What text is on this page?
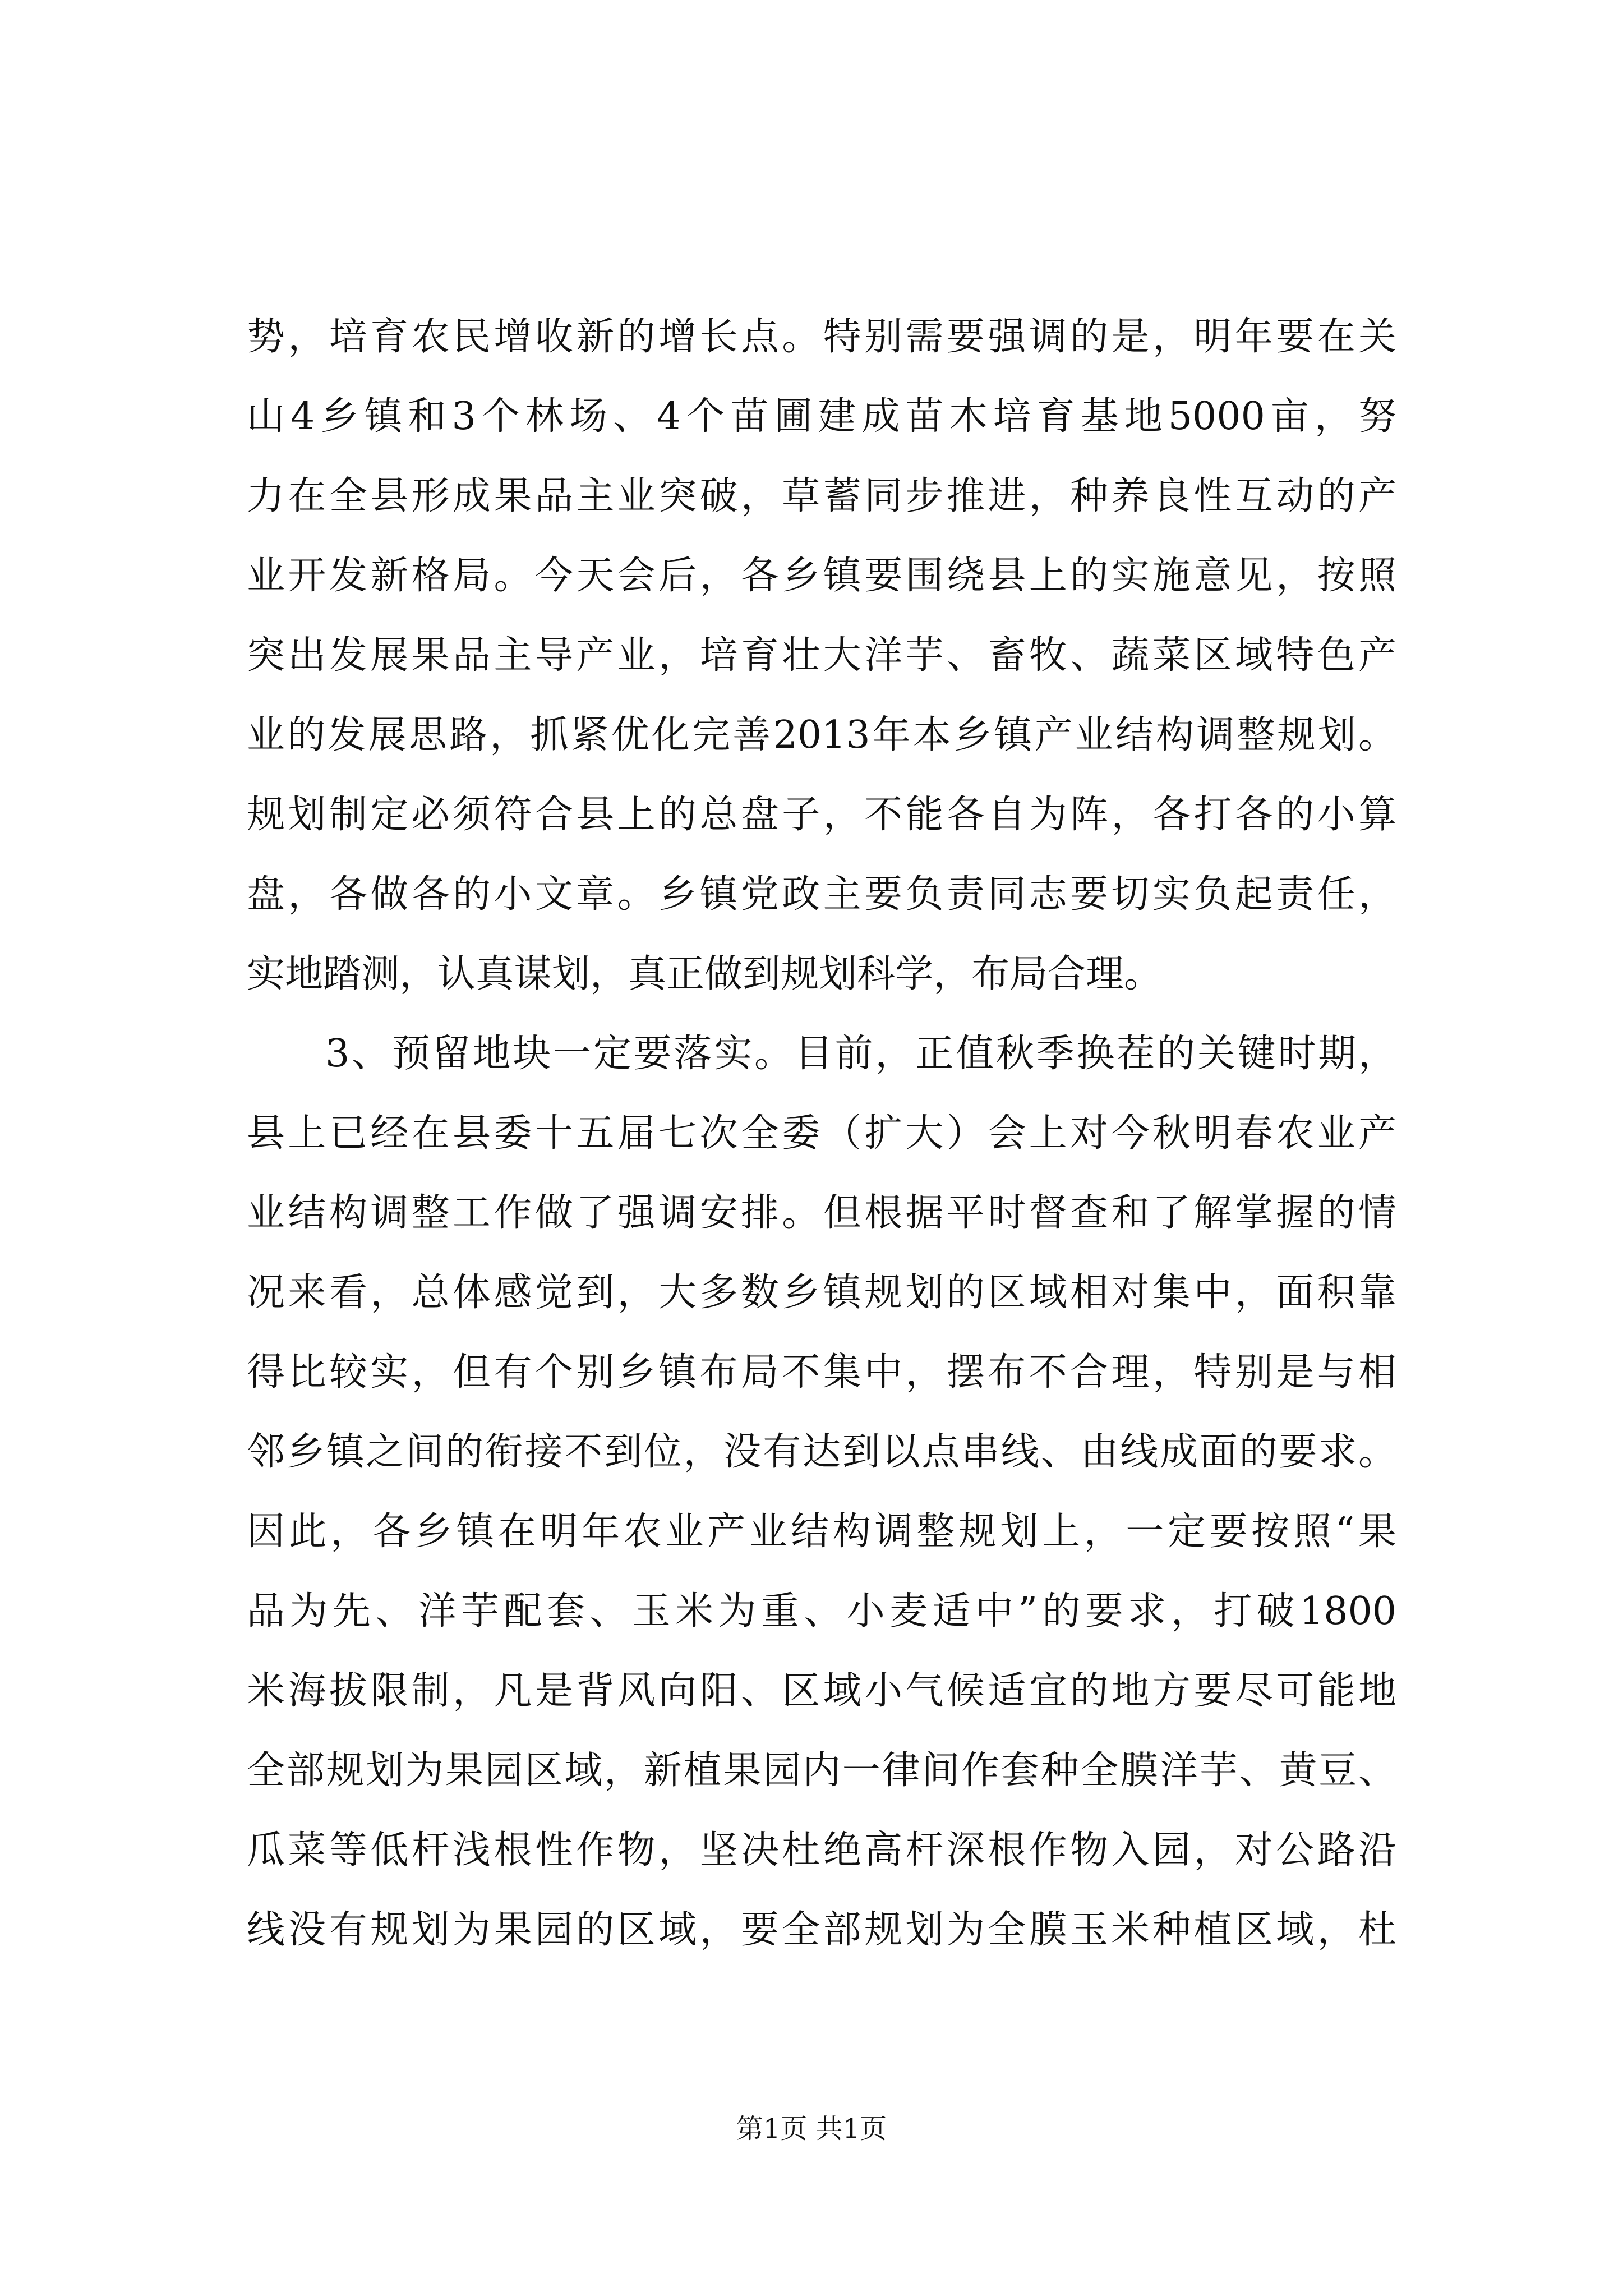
势，培育农民增收新的增长点。特别需要强调的是，明年要在关
山4乡镇和3个林场、4个苗圃建成苗木培育基地5000亩，努
力在全县形成果品主业突破，草蓄同步推进，种养良性互动的产
业开发新格局。今天会后，各乡镇要围绕县上的实施意见，按照
突出发展果品主导产业，培育壮大洋芋、畜牧、蔬菜区域特色产
业的发展思路，抓紧优化完善2013年本乡镇产业结构调整规划。
规划制定必须符合县上的总盘子，不能各自为阵，各打各的小算
盘，各做各的小文章。乡镇党政主要负责同志要切实负起责任，
实地踏测，认真谋划，真正做到规划科学，布局合理。
3、预留地块一定要落实。目前，正值秋季换茬的关键时期，
县上已经在县委十五届七次全委（扩大）会上对今秋明春农业产
业结构调整工作做了强调安排。但根据平时督查和了解掌握的情
况来看，总体感觉到，大多数乡镇规划的区域相对集中，面积靠
得比较实，但有个别乡镇布局不集中，摆布不合理，特别是与相
邻乡镇之间的衔接不到位，没有达到以点串线、由线成面的要求。
因此，各乡镇在明年农业产业结构调整规划上，一定要按照“果
品为先、洋芋配套、玉米为重、小麦适中”的要求，打破1800
米海拔限制，凡是背风向阳、区域小气候适宜的地方要尽可能地
全部规划为果园区域，新植果园内一律间作套种全膜洋芋、黄豆、
瓜菜等低杆浅根性作物，坚决杜绝高杆深根作物入园，对公路沿
线没有规划为果园的区域，要全部规划为全膜玉米种植区域，杜
第1页 共1页
